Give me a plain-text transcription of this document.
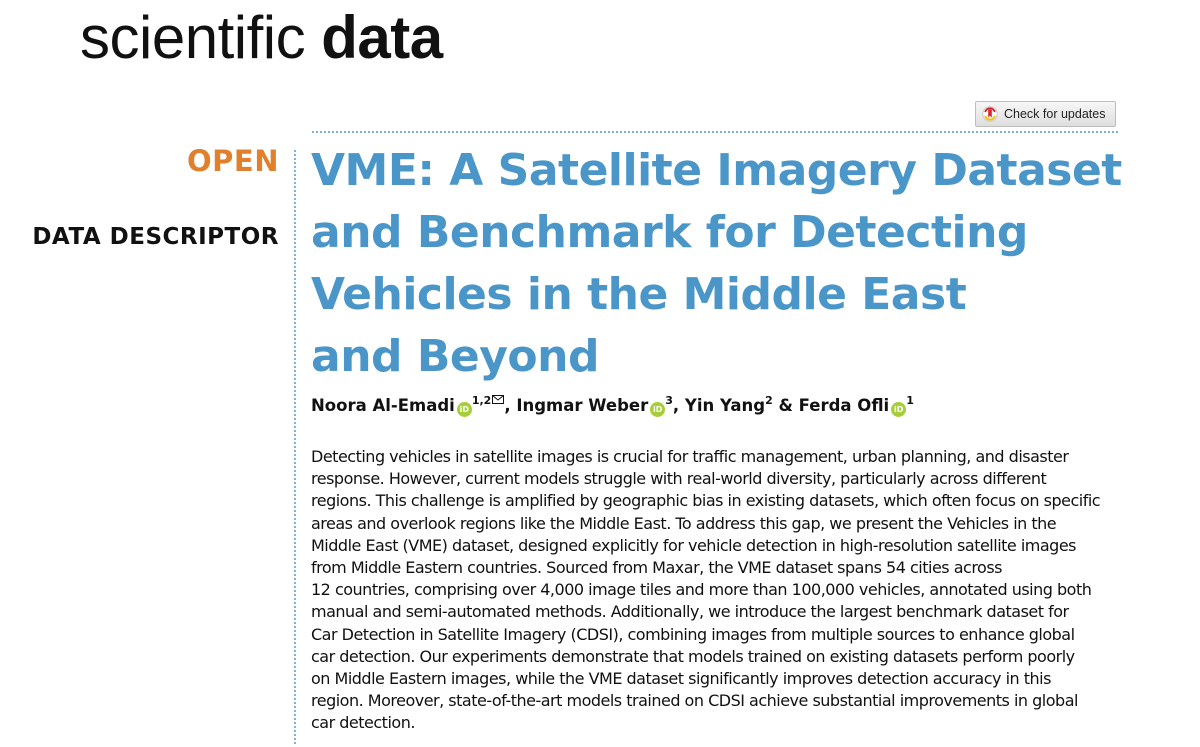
scientific data
Check for updates
OPEN
DATA DESCRIPTOR
VME: A Satellite Imagery Dataset
and Benchmark for Detecting
Vehicles in the Middle East
and Beyond
Noora Al-Emadi iD$^{1,2}$ , Ingmar Weber $iD^3$, Yin Yang$^2$ & Ferda Ofli $iD^1$

Detecting vehicles in satellite images is crucial for traffic management, urban planning, and disaster
response. However, current models struggle with real-world diversity, particularly across different
regions. This challenge is amplified by geographic bias in existing datasets, which often focus on specific
areas and overlook regions like the Middle East. To address this gap, we present the Vehicles in the
Middle East (VME) dataset, designed explicitly for vehicle detection in high-resolution satellite images
from Middle Eastern countries. Sourced from Maxar, the VME dataset spans 54 cities across
12 countries, comprising over 4,000 image tiles and more than 100,000 vehicles, annotated using both
manual and semi-automated methods. Additionally, we introduce the largest benchmark dataset for
Car Detection in Satellite Imagery (CDSI), combining images from multiple sources to enhance global
car detection. Our experiments demonstrate that models trained on existing datasets perform poorly
on Middle Eastern images, while the VME dataset significantly improves detection accuracy in this
region. Moreover, state-of-the-art models trained on CDSI achieve substantial improvements in global
car detection.
